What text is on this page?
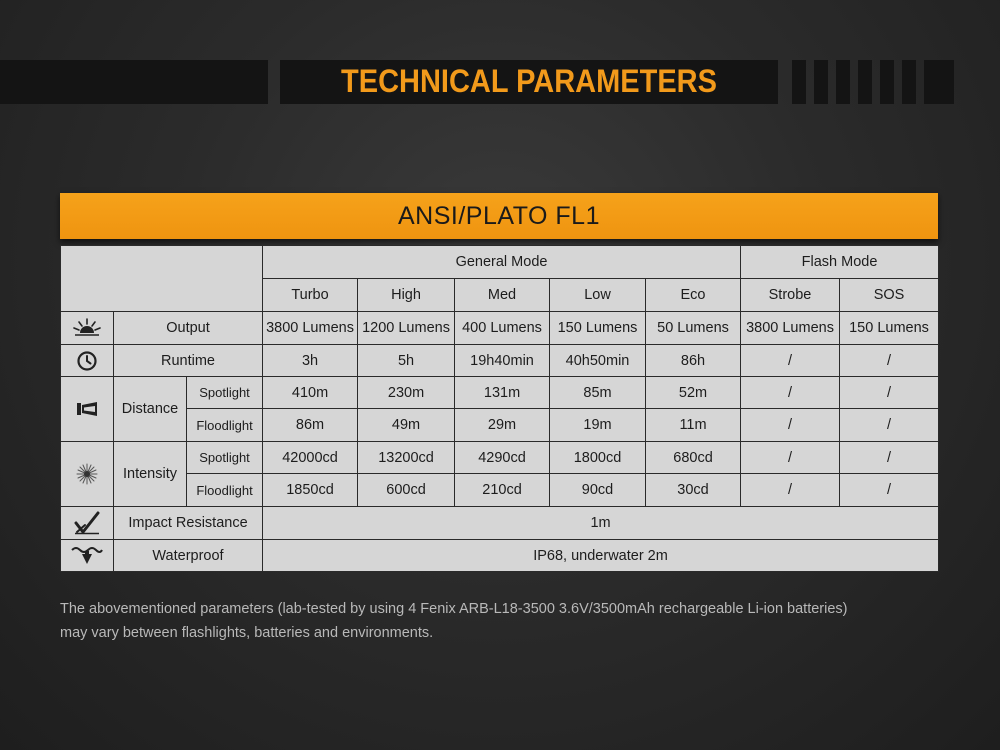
TECHNICAL PARAMETERS
ANSI/PLATO FL1
			General Mode					Flash Mode	
			Turbo	High	Med	Low	Eco	Strobe	SOS

	Output		3800 Lumens	1200 Lumens	400 Lumens	150 Lumens	50 Lumens	3800 Lumens	150 Lumens

	Runtime		3h	5h	19h40min	40h50min	86h	/	/

	Distance	Spotlight	410m	230m	131m	85m	52m	/	/
		Floodlight	86m	49m	29m	19m	11m	/	/

	Intensity	Spotlight	42000cd	13200cd	4290cd	1800cd	680cd	/	/
		Floodlight	1850cd	600cd	210cd	90cd	30cd	/	/

	Impact Resistance		1m						

	Waterproof		IP68, underwater 2m						
The abovementioned parameters (lab-tested by using 4 Fenix ARB-L18-3500 3.6V/3500mAh rechargeable Li-ion batteries)
may vary between flashlights, batteries and environments.
